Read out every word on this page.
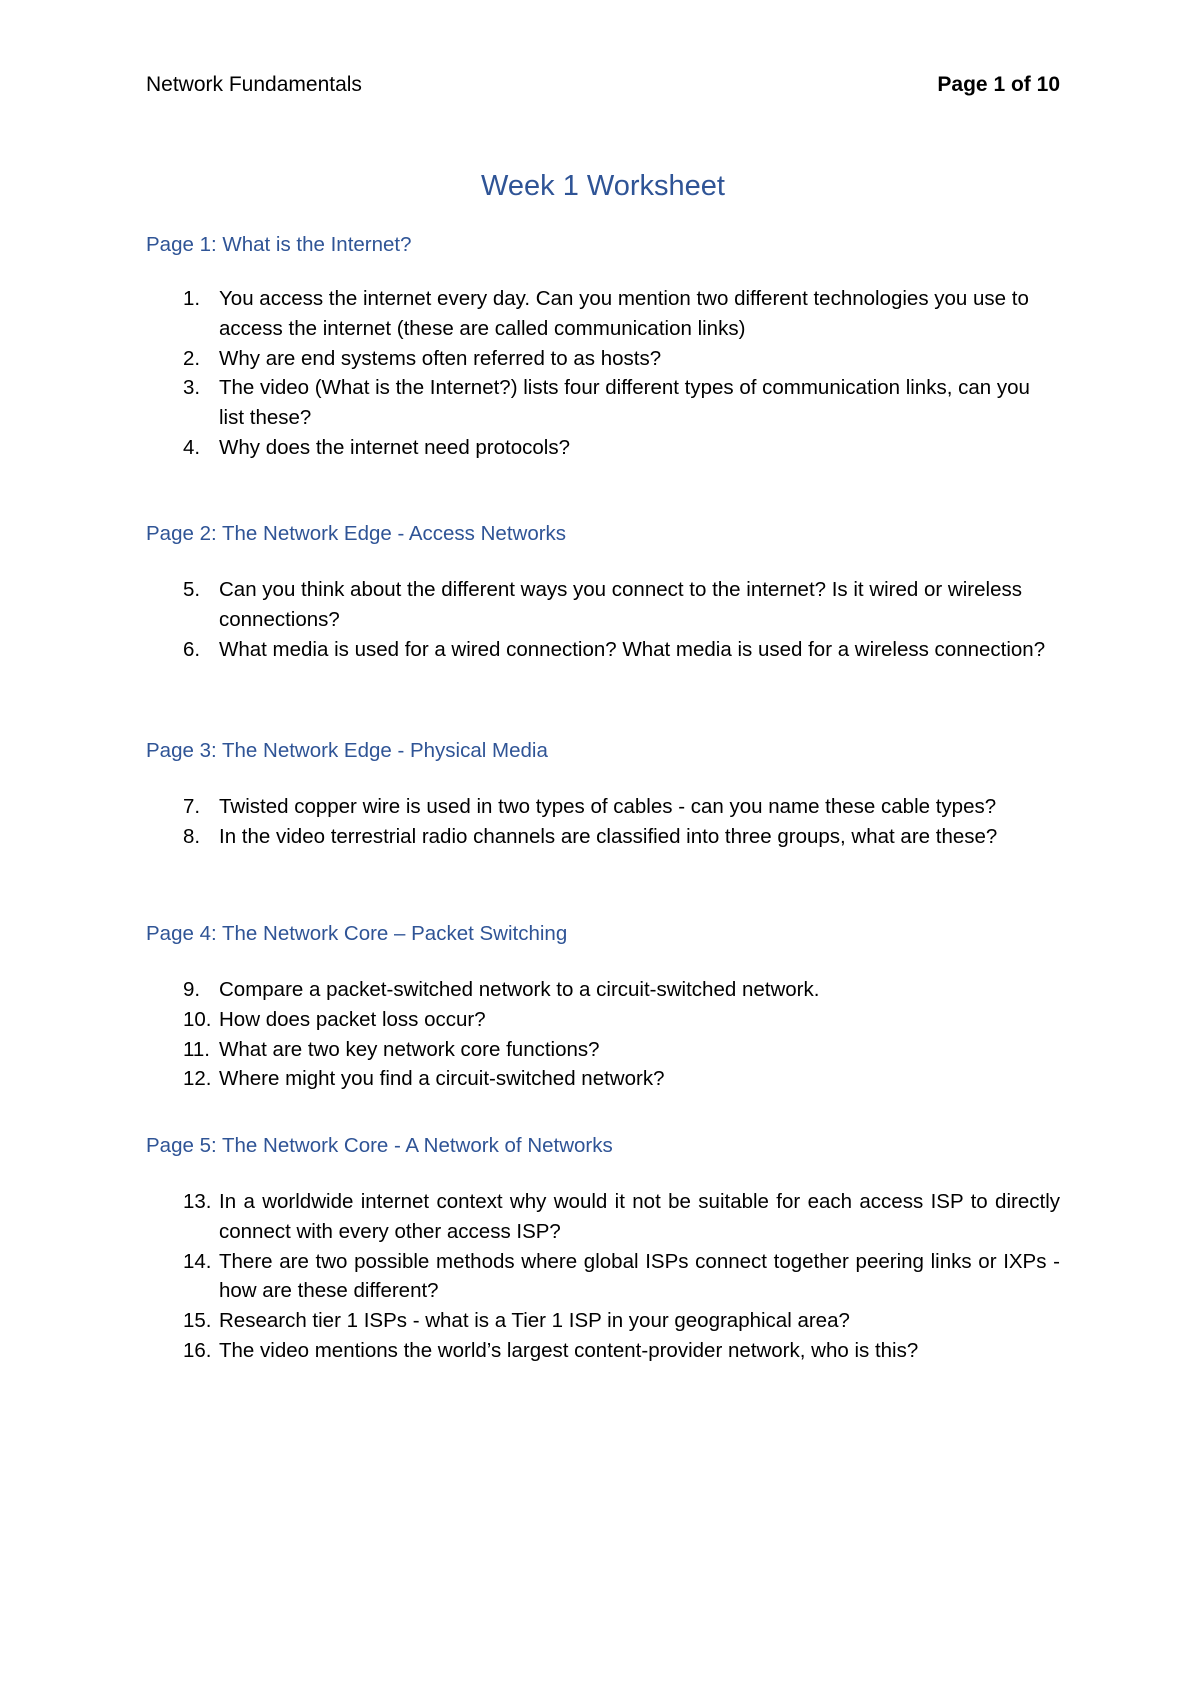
Network Fundamentals	Page 1 of 10
Week 1 Worksheet
Page 1: What is the Internet?
1. You access the internet every day. Can you mention two different technologies you use to access the internet (these are called communication links)
2. Why are end systems often referred to as hosts?
3. The video (What is the Internet?) lists four different types of communication links, can you list these?
4. Why does the internet need protocols?
Page 2: The Network Edge - Access Networks
5. Can you think about the different ways you connect to the internet? Is it wired or wireless connections?
6. What media is used for a wired connection? What media is used for a wireless connection?
Page 3: The Network Edge - Physical Media
7. Twisted copper wire is used in two types of cables - can you name these cable types?
8. In the video terrestrial radio channels are classified into three groups, what are these?
Page 4: The Network Core – Packet Switching
9. Compare a packet-switched network to a circuit-switched network.
10. How does packet loss occur?
11. What are two key network core functions?
12. Where might you find a circuit-switched network?
Page 5: The Network Core - A Network of Networks
13. In a worldwide internet context why would it not be suitable for each access ISP to directly connect with every other access ISP?
14. There are two possible methods where global ISPs connect together peering links or IXPs - how are these different?
15. Research tier 1 ISPs - what is a Tier 1 ISP in your geographical area?
16. The video mentions the world’s largest content-provider network, who is this?
